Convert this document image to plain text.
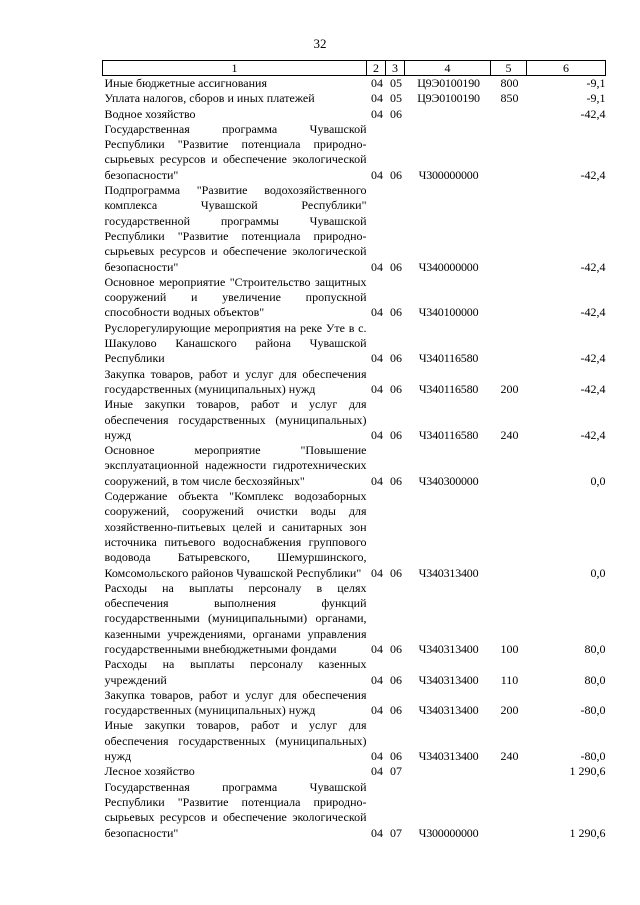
32
1	2	3	4	5	6
Иные бюджетные ассигнования	04	05	Ц9Э0100190	800	-9,1
Уплата налогов, сборов и иных платежей	04	05	Ц9Э0100190	850	-9,1
Водное хозяйство	04	06			-42,4
Государственная программа Чувашской Республики "Развитие потенциала природно-сырьевых ресурсов и обеспечение экологической безопасности"	04	06	Ч300000000		-42,4
Подпрограмма "Развитие водохозяйственного комплекса Чувашской Республики" государственной программы Чувашской Республики "Развитие потенциала природно-сырьевых ресурсов и обеспечение экологической безопасности"	04	06	Ч340000000		-42,4
Основное мероприятие "Строительство защитных сооружений и увеличение пропускной способности водных объектов"	04	06	Ч340100000		-42,4
Руслорегулирующие мероприятия на реке Уте в с. Шакулово Канашского района Чувашской Республики	04	06	Ч340116580		-42,4
Закупка товаров, работ и услуг для обеспечения государственных (муниципальных) нужд	04	06	Ч340116580	200	-42,4
Иные закупки товаров, работ и услуг для обеспечения государственных (муниципальных) нужд	04	06	Ч340116580	240	-42,4
Основное мероприятие "Повышение эксплуатационной надежности гидротехнических сооружений, в том числе бесхозяйных"	04	06	Ч340300000		0,0
Содержание объекта "Комплекс водозаборных сооружений, сооружений очистки воды для хозяйственно-питьевых целей и санитарных зон источника питьевого водоснабжения группового водовода Батыревского, Шемуршинского, Комсомольского районов Чувашской Республики"	04	06	Ч340313400		0,0
Расходы на выплаты персоналу в целях обеспечения выполнения функций государственными (муниципальными) органами, казенными учреждениями, органами управления государственными внебюджетными фондами	04	06	Ч340313400	100	80,0
Расходы на выплаты персоналу казенных учреждений	04	06	Ч340313400	110	80,0
Закупка товаров, работ и услуг для обеспечения государственных (муниципальных) нужд	04	06	Ч340313400	200	-80,0
Иные закупки товаров, работ и услуг для обеспечения государственных (муниципальных) нужд	04	06	Ч340313400	240	-80,0
Лесное хозяйство	04	07			1 290,6
Государственная программа Чувашской Республики "Развитие потенциала природно-сырьевых ресурсов и обеспечение экологической безопасности"	04	07	Ч300000000		1 290,6
